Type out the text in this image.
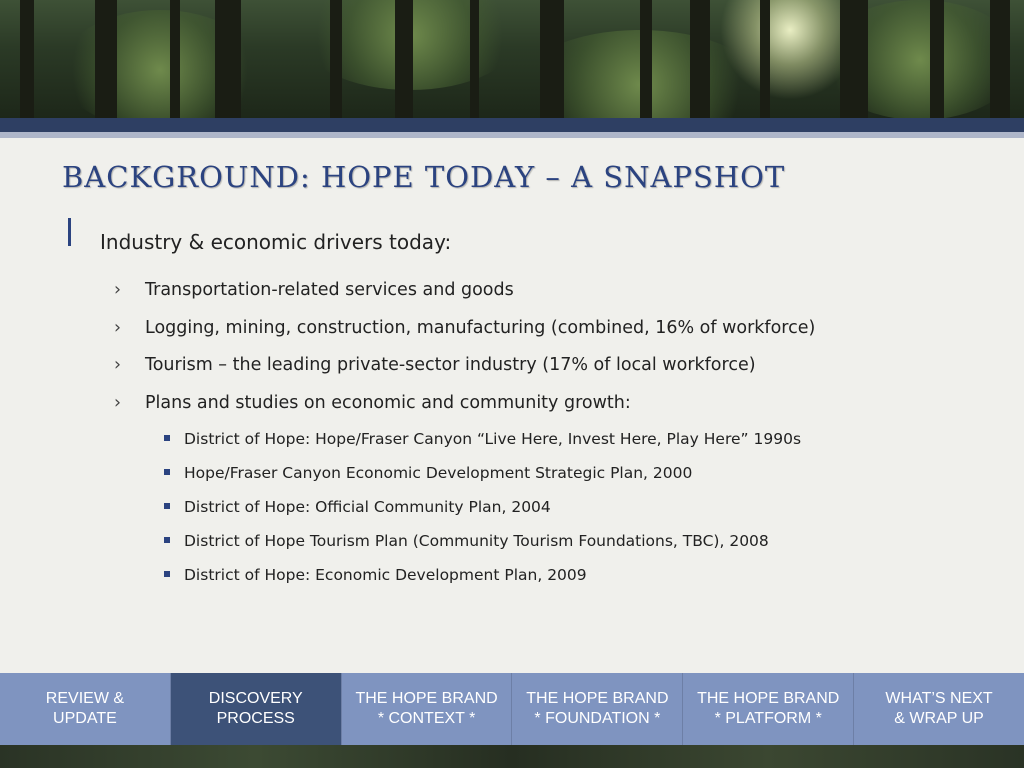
BACKGROUND: HOPE TODAY – A SNAPSHOT
Industry & economic drivers today:
› Transportation-related services and goods
› Logging, mining, construction, manufacturing (combined, 16% of workforce)
› Tourism – the leading private-sector industry (17% of local workforce)
› Plans and studies on economic and community growth:
District of Hope: Hope/Fraser Canyon “Live Here, Invest Here, Play Here” 1990s
Hope/Fraser Canyon Economic Development Strategic Plan, 2000
District of Hope: Official Community Plan, 2004
District of Hope Tourism Plan (Community Tourism Foundations, TBC), 2008
District of Hope: Economic Development Plan, 2009
REVIEW &
UPDATE
DISCOVERY
PROCESS
THE HOPE BRAND
* CONTEXT *
THE HOPE BRAND
* FOUNDATION *
THE HOPE BRAND
* PLATFORM *
WHAT’S NEXT
& WRAP UP
